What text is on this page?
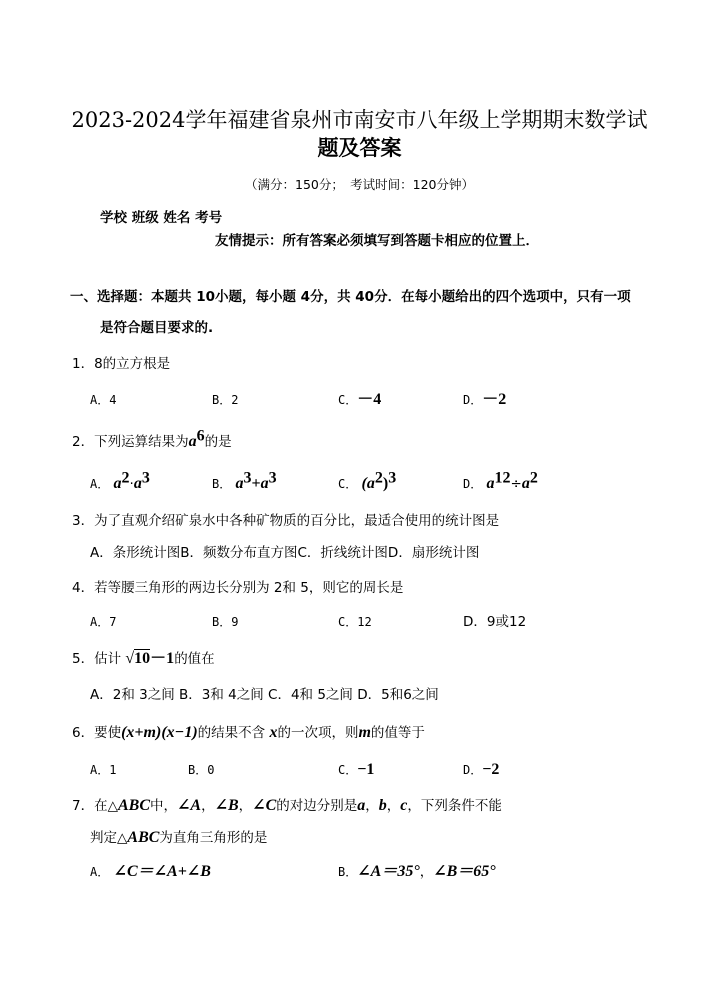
2023-2024学年福建省泉州市南安市八年级上学期期末数学试
题及答案
（满分：150分；　考试时间：120分钟）
学校 班级 姓名 考号
友情提示：所有答案必须填写到答题卡相应的位置上．
一、选择题：本题共 10小题，每小题 4分，共 40分．在每小题给出的四个选项中，只有一项
是符合题目要求的.
1．8的立方根是
A．4	B．2	C．－4	D．－2
2．下列运算结果为$a^6$的是
A． $a^2\cdot a^3$	B． $a^3+a^3$	C． $(a^2)^3$	D． $a^{12}\div a^2$
3．为了直观介绍矿泉水中各种矿物质的百分比，最适合使用的统计图是
A．条形统计图B．频数分布直方图C．折线统计图D．扇形统计图
4．若等腰三角形的两边长分别为 2和 5，则它的周长是
A．7	B．9	C．12	D．9或12
5．估计 √10－1的值在
A．2和 3之间 B．3和 4之间 C．4和 5之间 D．5和6之间
6．要使(x+m)(x−1)的结果不含 x的一次项，则m的值等于
A．1	B．0	C．−1	D．−2
7．在△ABC中，∠A，∠B，∠C的对边分别是a，b，c，下列条件不能
判定△ABC为直角三角形的是
A． ∠C＝∠A+∠B	B．∠A＝35°，∠B＝65°
